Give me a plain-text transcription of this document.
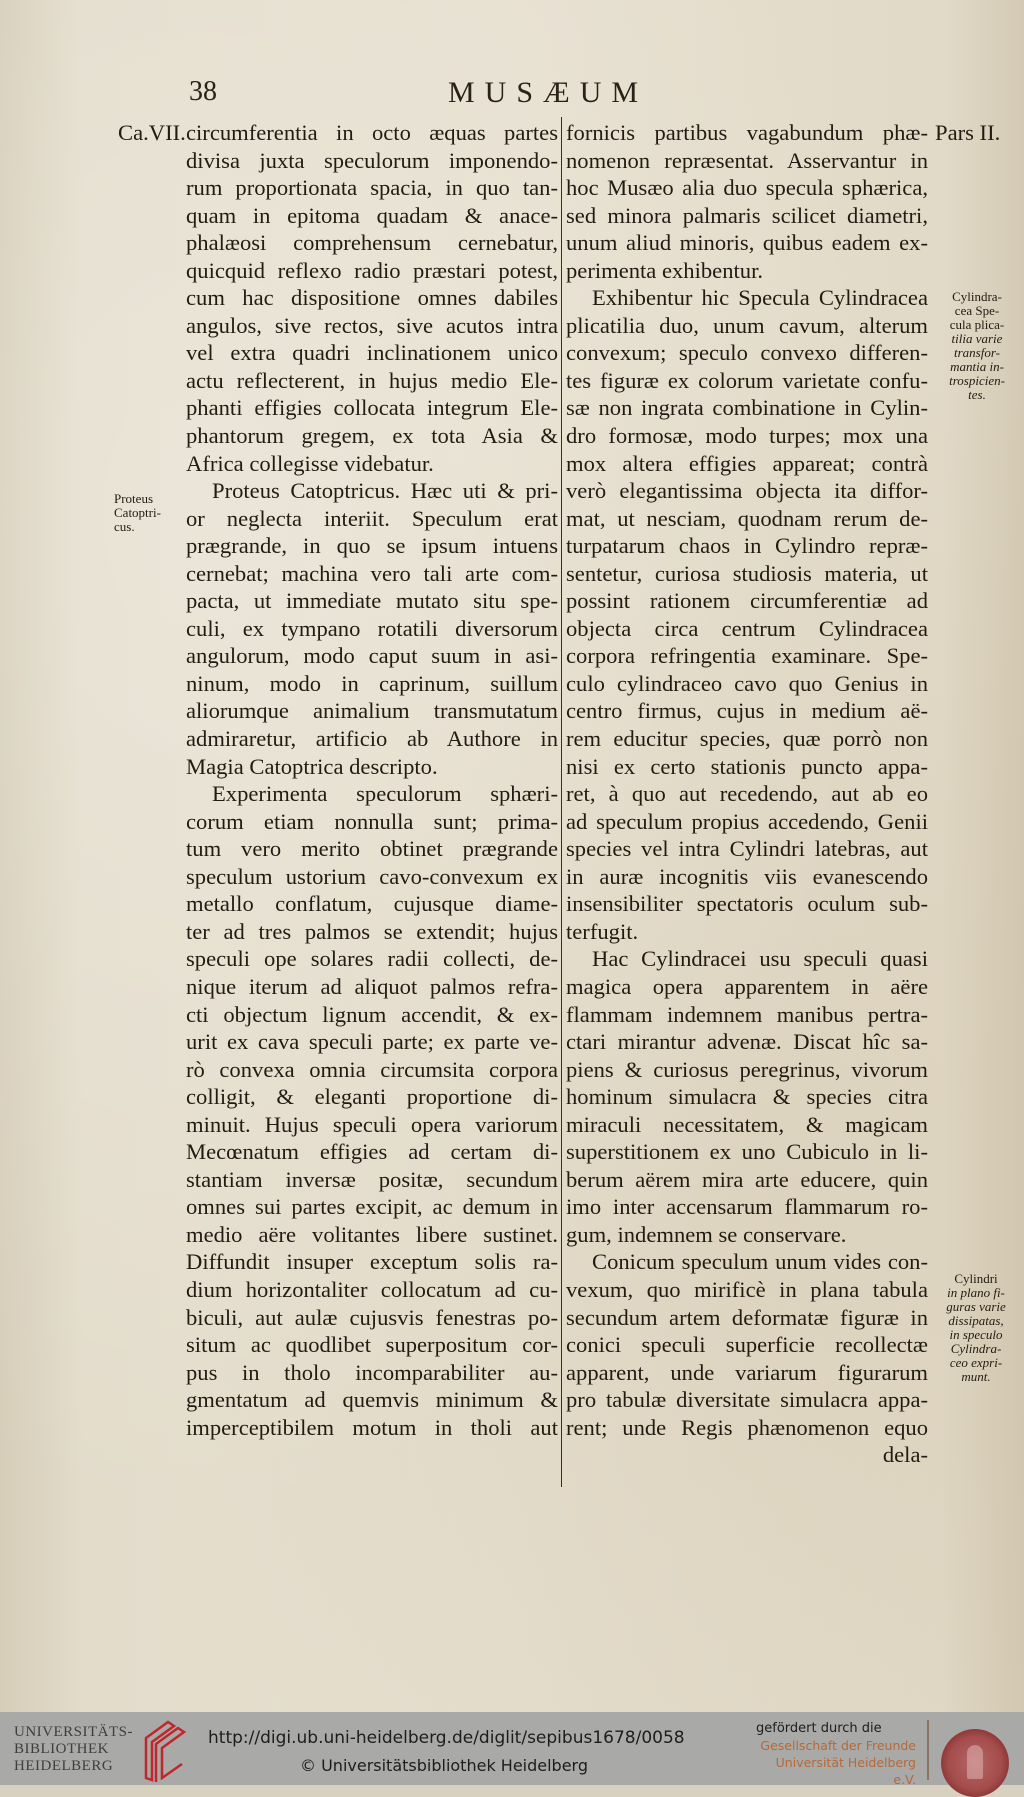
38	MUSÆUM
Ca.VII.	Pars II.
Proteus
Catoptri-
cus.
Cylindra-
cea Spe-
cula plica-
tilia varie
transfor-
mantia in-
trospicien-
tes.
Cylindri
in plano fi-
guras varie
dissipatas,
in speculo
Cylindra-
ceo expri-
munt.
circumferentia in octo æquas partes
divisa juxta speculorum imponendo-
rum proportionata spacia, in quo tan-
quam in epitoma quadam & anace-
phalæosi comprehensum cernebatur,
quicquid reflexo radio præstari potest,
cum hac dispositione omnes dabiles
angulos, sive rectos, sive acutos intra
vel extra quadri inclinationem unico
actu reflecterent, in hujus medio Ele-
phanti effigies collocata integrum Ele-
phantorum gregem, ex tota Asia &
Africa collegisse videbatur.
Proteus Catoptricus. Hæc uti & pri-
or neglecta interiit. Speculum erat
prægrande, in quo se ipsum intuens
cernebat; machina vero tali arte com-
pacta, ut immediate mutato situ spe-
culi, ex tympano rotatili diversorum
angulorum, modo caput suum in asi-
ninum, modo in caprinum, suillum
aliorumque animalium transmutatum
admiraretur, artificio ab Authore in
Magia Catoptrica descripto.
Experimenta speculorum sphæri-
corum etiam nonnulla sunt; prima-
tum vero merito obtinet prægrande
speculum ustorium cavo-convexum ex
metallo conflatum, cujusque diame-
ter ad tres palmos se extendit; hujus
speculi ope solares radii collecti, de-
nique iterum ad aliquot palmos refra-
cti objectum lignum accendit, & ex-
urit ex cava speculi parte; ex parte ve-
rò convexa omnia circumsita corpora
colligit, & eleganti proportione di-
minuit. Hujus speculi opera variorum
Mecœnatum effigies ad certam di-
stantiam inversæ positæ, secundum
omnes sui partes excipit, ac demum in
medio aëre volitantes libere sustinet.
Diffundit insuper exceptum solis ra-
dium horizontaliter collocatum ad cu-
biculi, aut aulæ cujusvis fenestras po-
situm ac quodlibet superpositum cor-
pus in tholo incomparabiliter au-
gmentatum ad quemvis minimum &
imperceptibilem motum in tholi aut
fornicis partibus vagabundum phæ-
nomenon repræsentat. Asservantur in
hoc Musæo alia duo specula sphærica,
sed minora palmaris scilicet diametri,
unum aliud minoris, quibus eadem ex-
perimenta exhibentur.
Exhibentur hic Specula Cylindracea
plicatilia duo, unum cavum, alterum
convexum; speculo convexo differen-
tes figuræ ex colorum varietate confu-
sæ non ingrata combinatione in Cylin-
dro formosæ, modo turpes; mox una
mox altera effigies appareat; contrà
verò elegantissima objecta ita diffor-
mat, ut nesciam, quodnam rerum de-
turpatarum chaos in Cylindro repræ-
sentetur, curiosa studiosis materia, ut
possint rationem circumferentiæ ad
objecta circa centrum Cylindracea
corpora refringentia examinare. Spe-
culo cylindraceo cavo quo Genius in
centro firmus, cujus in medium aë-
rem educitur species, quæ porrò non
nisi ex certo stationis puncto appa-
ret, à quo aut recedendo, aut ab eo
ad speculum propius accedendo, Genii
species vel intra Cylindri latebras, aut
in auræ incognitis viis evanescendo
insensibiliter spectatoris oculum sub-
terfugit.
Hac Cylindracei usu speculi quasi
magica opera apparentem in aëre
flammam indemnem manibus pertra-
ctari mirantur advenæ. Discat hîc sa-
piens & curiosus peregrinus, vivorum
hominum simulacra & species citra
miraculi necessitatem, & magicam
superstitionem ex uno Cubiculo in li-
berum aërem mira arte educere, quin
imo inter accensarum flammarum ro-
gum, indemnem se conservare.
Conicum speculum unum vides con-
vexum, quo mirificè in plana tabula
secundum artem deformatæ figuræ in
conici speculi superficie recollectæ
apparent, unde variarum figurarum
pro tabulæ diversitate simulacra appa-
rent; unde Regis phænomenon equo
dela-
UNIVERSITÄTS-
BIBLIOTHEK
HEIDELBERG
http://digi.ub.uni-heidelberg.de/diglit/sepibus1678/0058
© Universitätsbibliothek Heidelberg
gefördert durch die
Gesellschaft der Freunde
Universität Heidelberg e.V.
